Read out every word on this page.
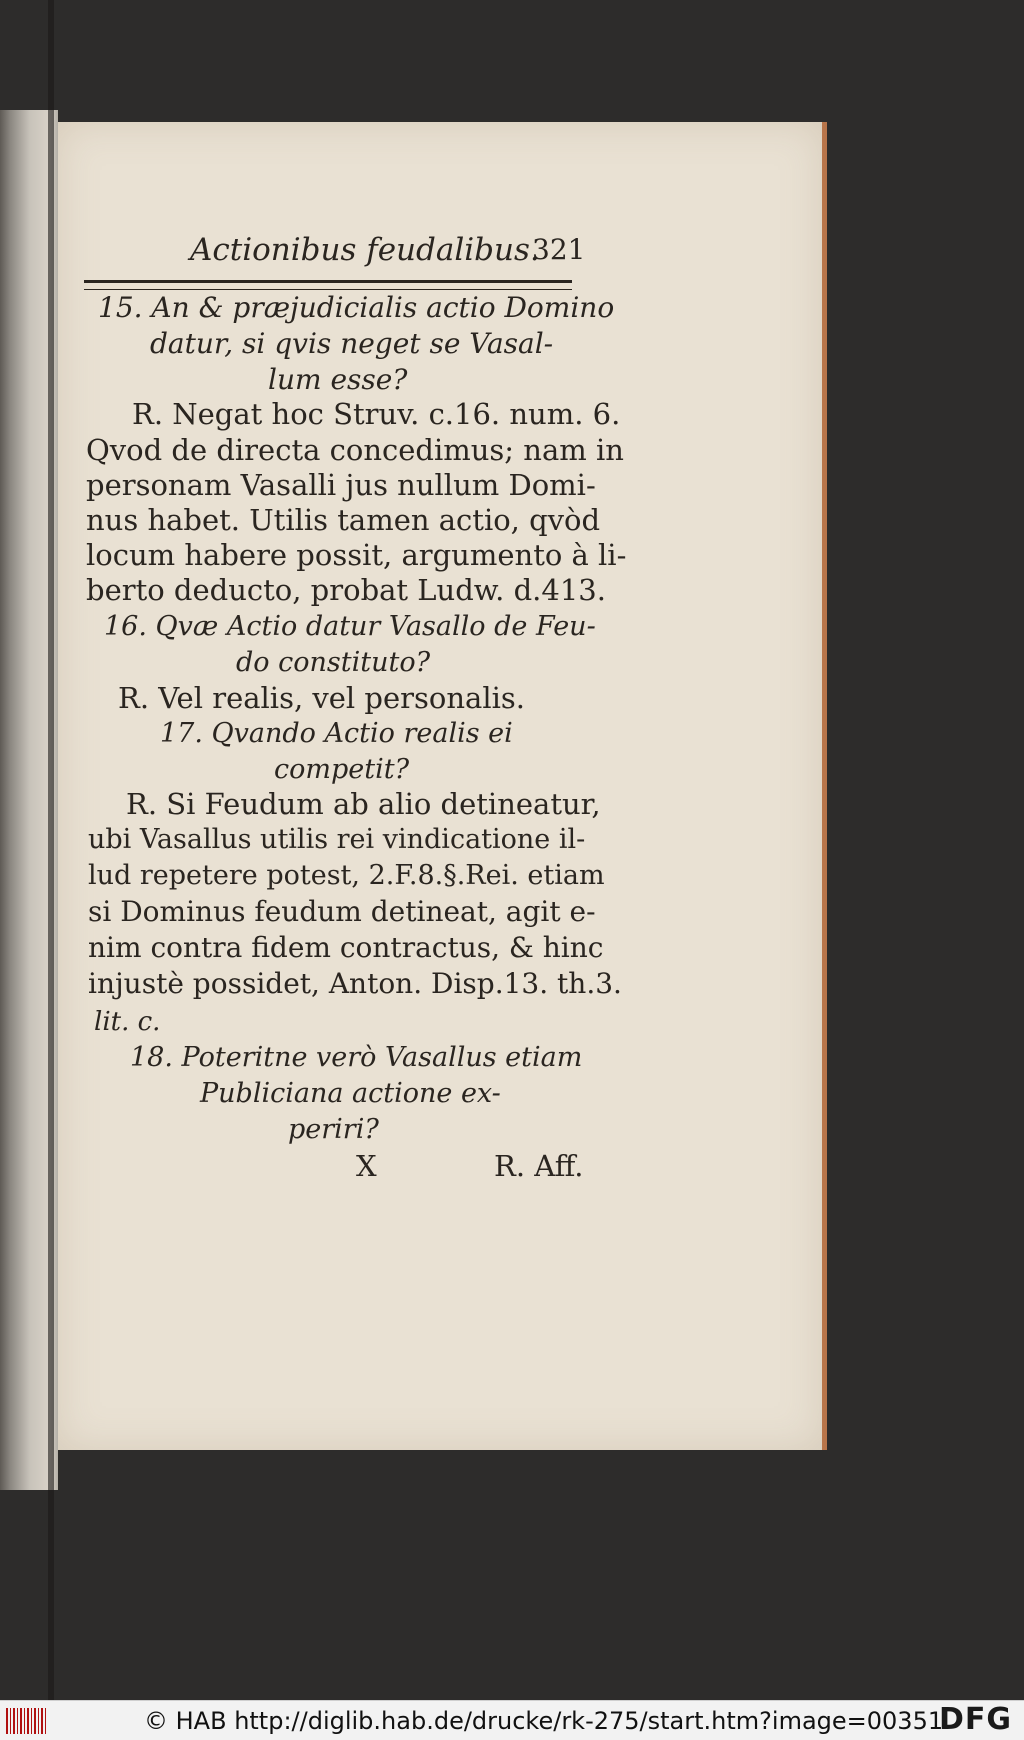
Actionibus feudalibus.
321
15. An & præjudicialis actio Domino
datur, si qvis neget se Vasal-
lum esse?
R. Negat hoc Struv. c.16. num. 6.
Qvod de directa concedimus; nam in
personam Vasalli jus nullum Domi-
nus habet. Utilis tamen actio, qvòd
locum habere possit, argumento à li-
berto deducto, probat Ludw. d.413.
16. Qvæ Actio datur Vasallo de Feu-
do constituto?
R. Vel realis, vel personalis.
17. Qvando Actio realis ei
competit?
R. Si Feudum ab alio detineatur,
ubi Vasallus utilis rei vindicatione il-
lud repetere potest, 2.F.8.§.Rei. etiam
si Dominus feudum detineat, agit e-
nim contra fidem contractus, & hinc
injustè possidet, Anton. Disp.13. th.3.
lit. c.
18. Poteritne verò Vasallus etiam
Publiciana actione ex-
periri?
X	R. Aff.
© HAB http://diglib.hab.de/drucke/rk-275/start.htm?image=00351
DFG
